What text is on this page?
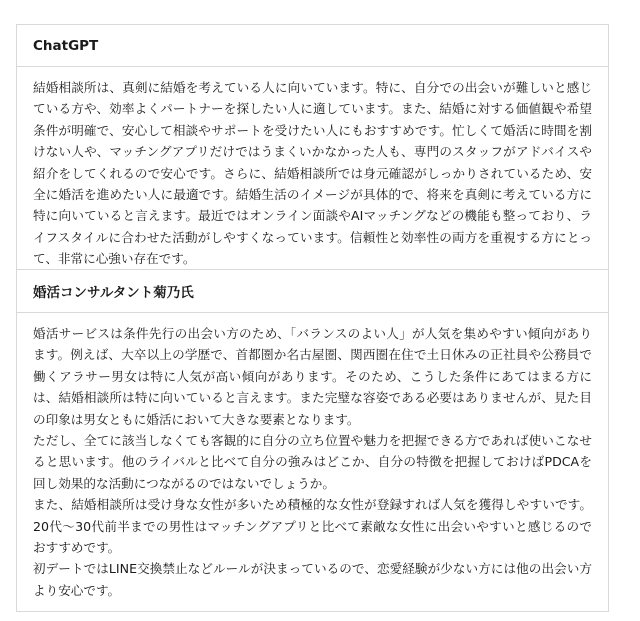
ChatGPT

結婚相談所は、真剣に結婚を考えている人に向いています。特に、自分での出会いが難しいと感じている方や、効率よくパートナーを探したい人に適しています。また、結婚に対する価値観や希望条件が明確で、安心して相談やサポートを受けたい人にもおすすめです。忙しくて婚活に時間を割けない人や、マッチングアプリだけではうまくいかなかった人も、専門のスタッフがアドバイスや紹介をしてくれるので安心です。さらに、結婚相談所では身元確認がしっかりされているため、安全に婚活を進めたい人に最適です。結婚生活のイメージが具体的で、将来を真剣に考えている方に特に向いていると言えます。最近ではオンライン面談やAIマッチングなどの機能も整っており、ライフスタイルに合わせた活動がしやすくなっています。信頼性と効率性の両方を重視する方にとって、非常に心強い存在です。

婚活コンサルタント菊乃氏

婚活サービスは条件先行の出会い方のため、「バランスのよい人」が人気を集めやすい傾向があります。例えば、大卒以上の学歴で、首都圏か名古屋圏、関西圏在住で土日休みの正社員や公務員で働くアラサー男女は特に人気が高い傾向があります。そのため、こうした条件にあてはまる方には、結婚相談所は特に向いていると言えます。また完璧な容姿である必要はありませんが、見た目の印象は男女ともに婚活において大きな要素となります。

ただし、全てに該当しなくても客観的に自分の立ち位置や魅力を把握できる方であれば使いこなせると思います。他のライバルと比べて自分の強みはどこか、自分の特徴を把握しておけばPDCAを回し効果的な活動につながるのではないでしょうか。

また、結婚相談所は受け身な女性が多いため積極的な女性が登録すれば人気を獲得しやすいです。20代〜30代前半までの男性はマッチングアプリと比べて素敵な女性に出会いやすいと感じるのでおすすめです。

初デートではLINE交換禁止などルールが決まっているので、恋愛経験が少ない方には他の出会い方より安心です。
